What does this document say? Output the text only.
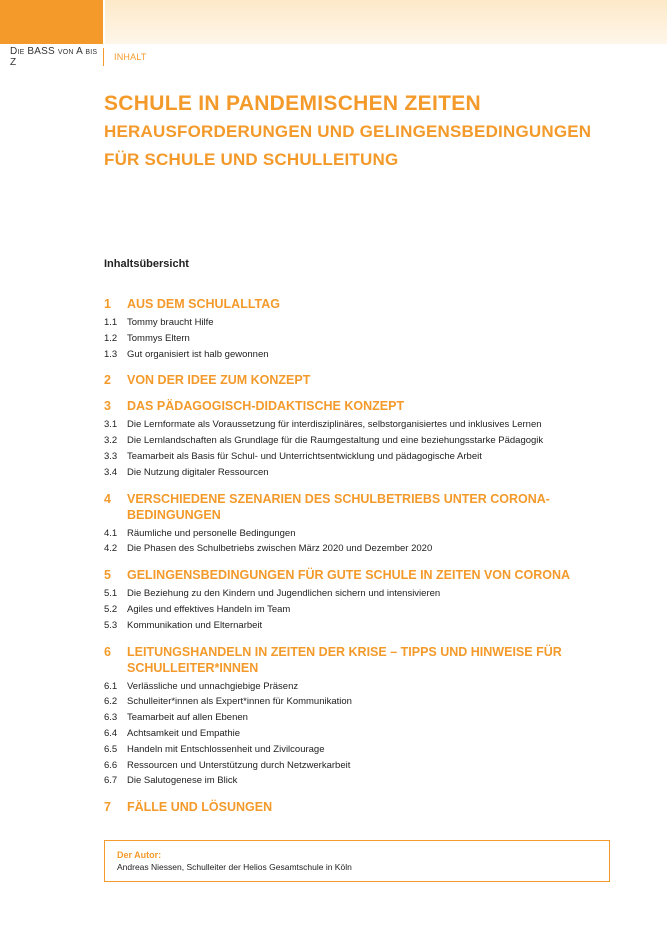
Die BASS von A bis Z	INHALT
SCHULE IN PANDEMISCHEN ZEITEN
HERAUSFORDERUNGEN UND GELINGENSBEDINGUNGEN
FÜR SCHULE UND SCHULLEITUNG
Inhaltsübersicht
1	AUS DEM SCHULALLTAG
1.1	Tommy braucht Hilfe
1.2	Tommys Eltern
1.3	Gut organisiert ist halb gewonnen
2	VON DER IDEE ZUM KONZEPT
3	DAS PÄDAGOGISCH-DIDAKTISCHE KONZEPT
3.1	Die Lernformate als Voraussetzung für interdisziplinäres, selbstorganisiertes und inklusives Lernen
3.2	Die Lernlandschaften als Grundlage für die Raumgestaltung und eine beziehungsstarke Pädagogik
3.3	Teamarbeit als Basis für Schul- und Unterrichtsentwicklung und pädagogische Arbeit
3.4	Die Nutzung digitaler Ressourcen
4	VERSCHIEDENE SZENARIEN DES SCHULBETRIEBS UNTER CORONA-BEDINGUNGEN
4.1	Räumliche und personelle Bedingungen
4.2	Die Phasen des Schulbetriebs zwischen März 2020 und Dezember 2020
5	GELINGENSBEDINGUNGEN FÜR GUTE SCHULE IN ZEITEN VON CORONA
5.1	Die Beziehung zu den Kindern und Jugendlichen sichern und intensivieren
5.2	Agiles und effektives Handeln im Team
5.3	Kommunikation und Elternarbeit
6	LEITUNGSHANDELN IN ZEITEN DER KRISE – TIPPS UND HINWEISE FÜR SCHULLEITER*INNEN
6.1	Verlässliche und unnachgiebige Präsenz
6.2	Schulleiter*innen als Expert*innen für Kommunikation
6.3	Teamarbeit auf allen Ebenen
6.4	Achtsamkeit und Empathie
6.5	Handeln mit Entschlossenheit und Zivilcourage
6.6	Ressourcen und Unterstützung durch Netzwerkarbeit
6.7	Die Salutogenese im Blick
7	FÄLLE UND LÖSUNGEN
Der Autor:
Andreas Niessen, Schulleiter der Helios Gesamtschule in Köln
